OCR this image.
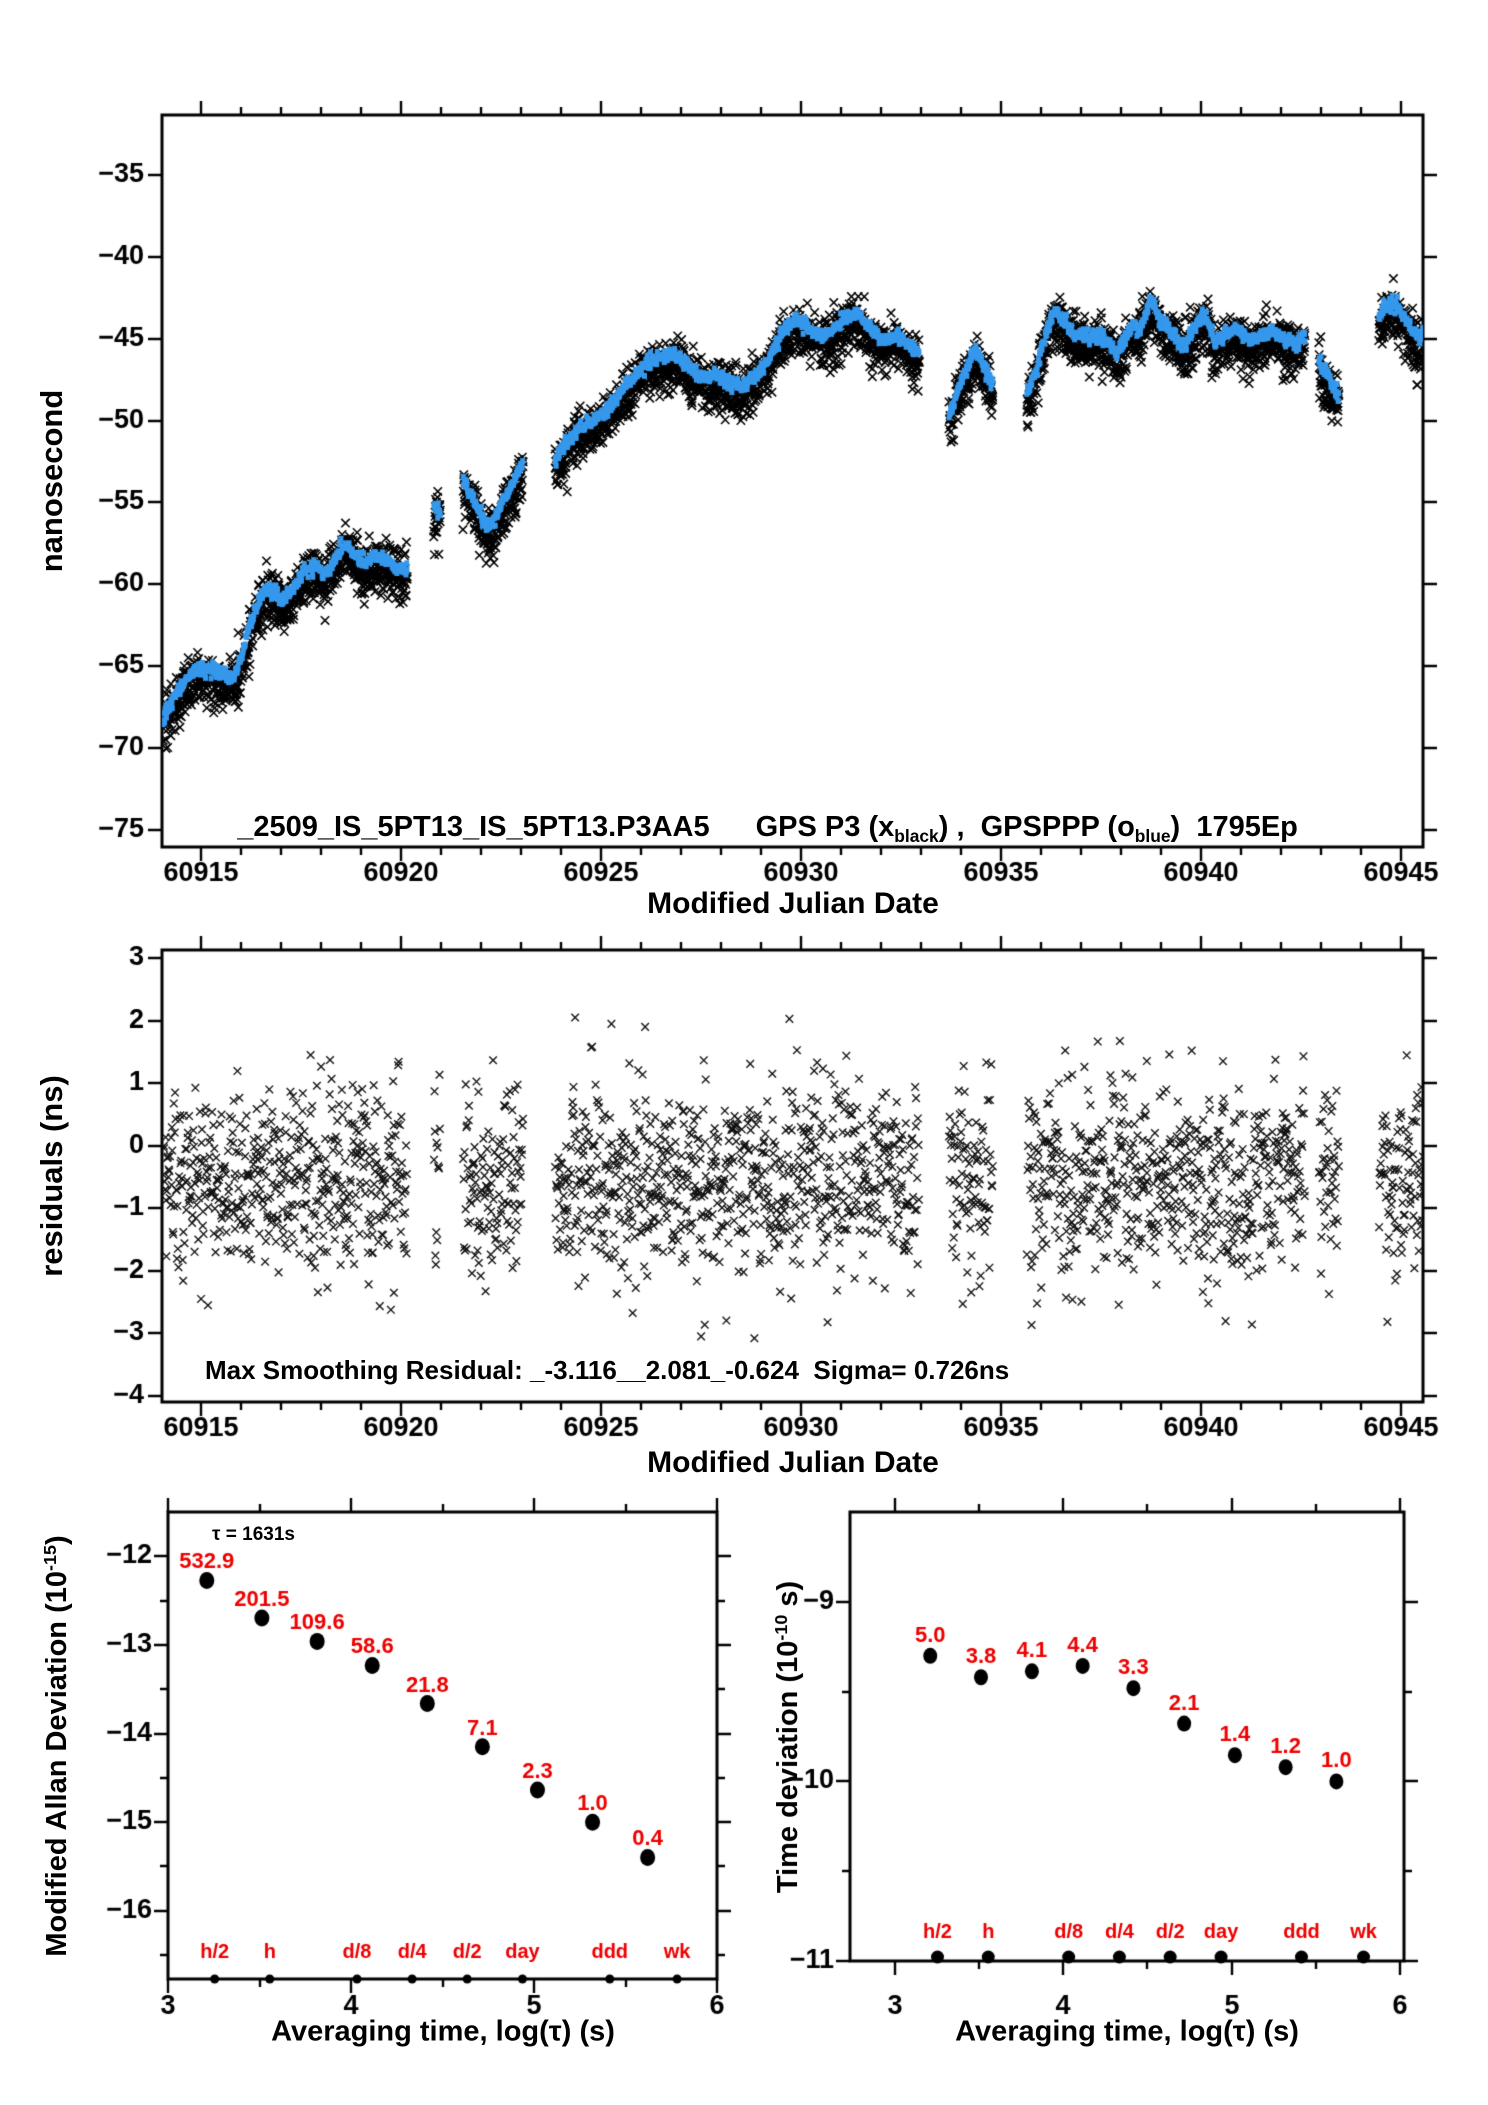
nanosecond
Modified Julian Date

_2509_IS_5PT13_IS_5PT13.P3AA5 GPS P3 $(x_{black})$ ,  GPSPPP $(o_{blue})$  1795Ep

residuals (ns)
Modified Julian Date
Max Smoothing Residual: _-3.116__2.081_-0.624  Sigma= 0.726ns
Modified Allan Deviation $(10^{-15})$
Averaging time, log(τ) (s)
τ = 1631s
Time deviation ($10^{-10}$ s)
Averaging time, log(τ) (s)
